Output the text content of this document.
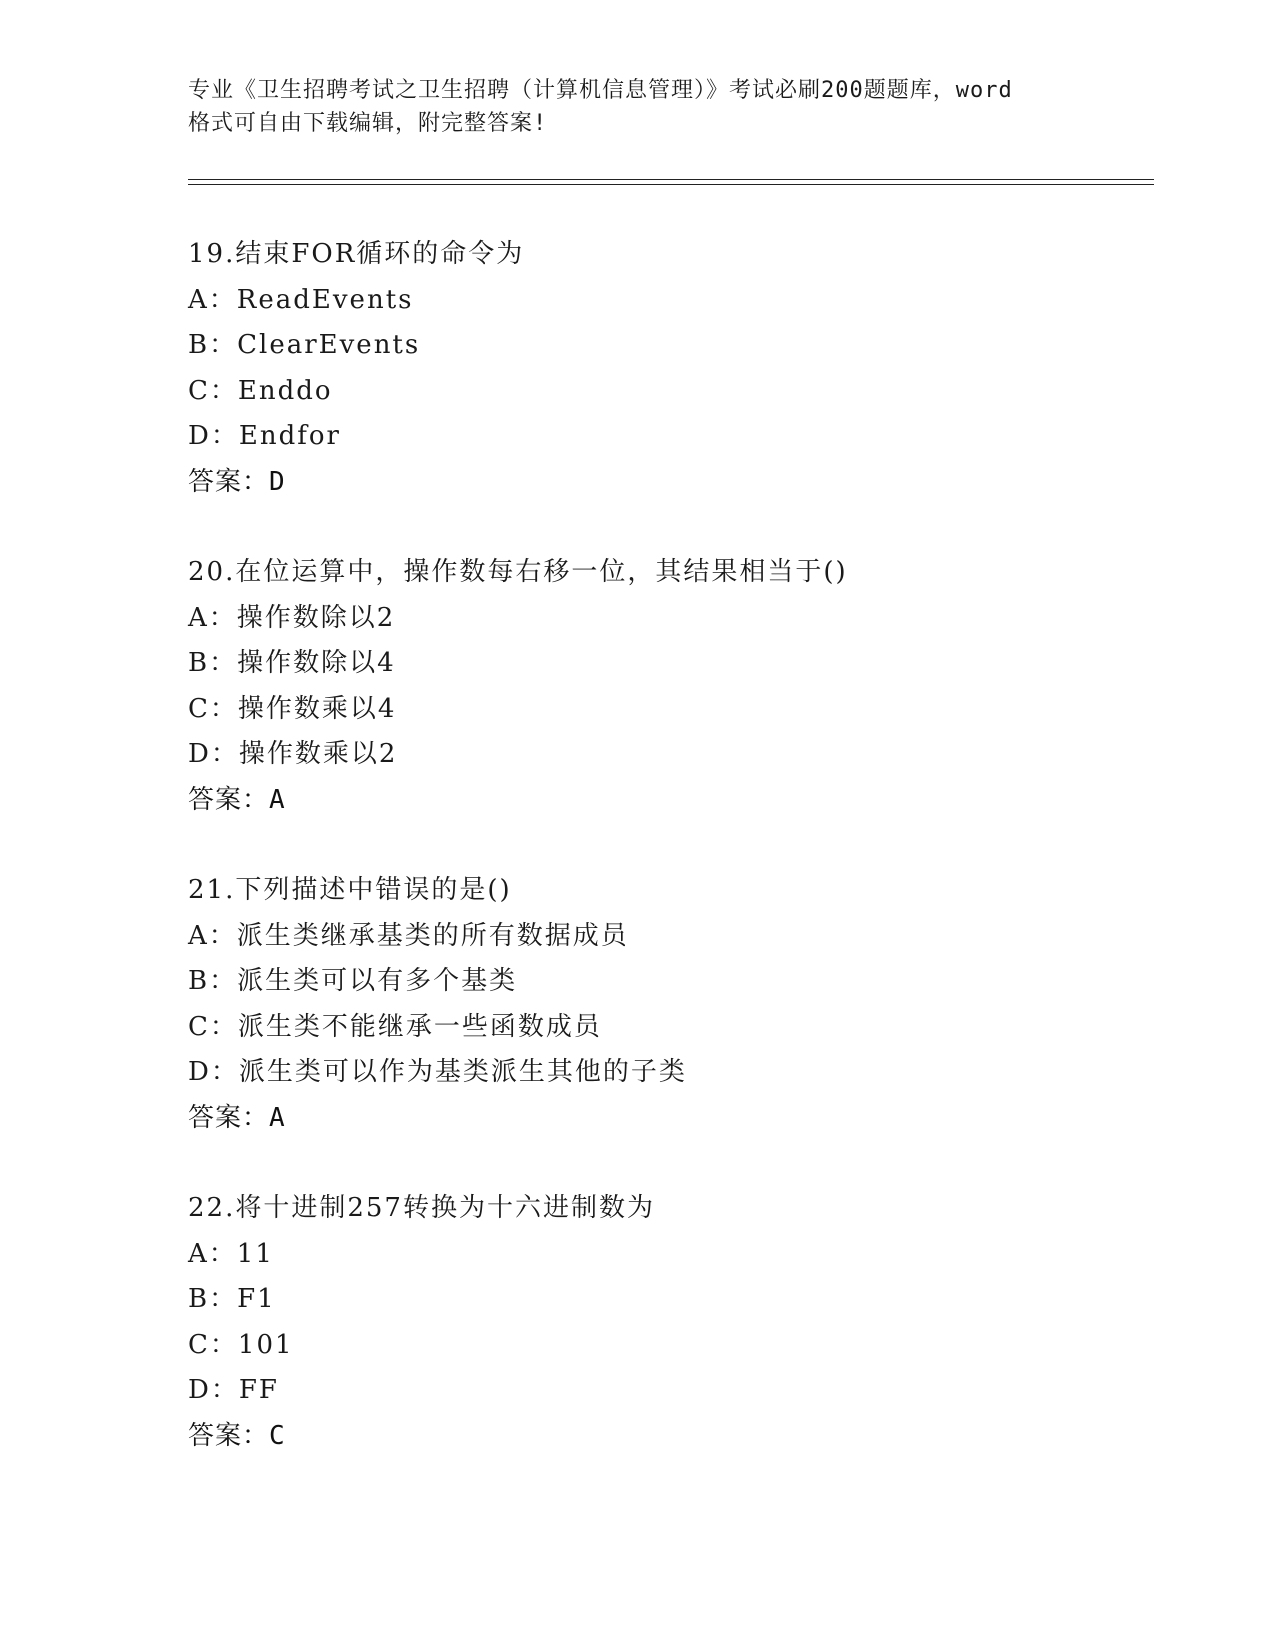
专业《卫生招聘考试之卫生招聘（计算机信息管理）》考试必刷200题题库，word
格式可自由下载编辑，附完整答案!
19.结束FOR循环的命令为
A：ReadEvents
B：ClearEvents
C：Enddo
D：Endfor
答案：D
20.在位运算中，操作数每右移一位，其结果相当于()
A：操作数除以2
B：操作数除以4
C：操作数乘以4
D：操作数乘以2
答案：A
21.下列描述中错误的是()
A：派生类继承基类的所有数据成员
B：派生类可以有多个基类
C：派生类不能继承一些函数成员
D：派生类可以作为基类派生其他的子类
答案：A
22.将十进制257转换为十六进制数为
A：11
B：F1
C：101
D：FF
答案：C
